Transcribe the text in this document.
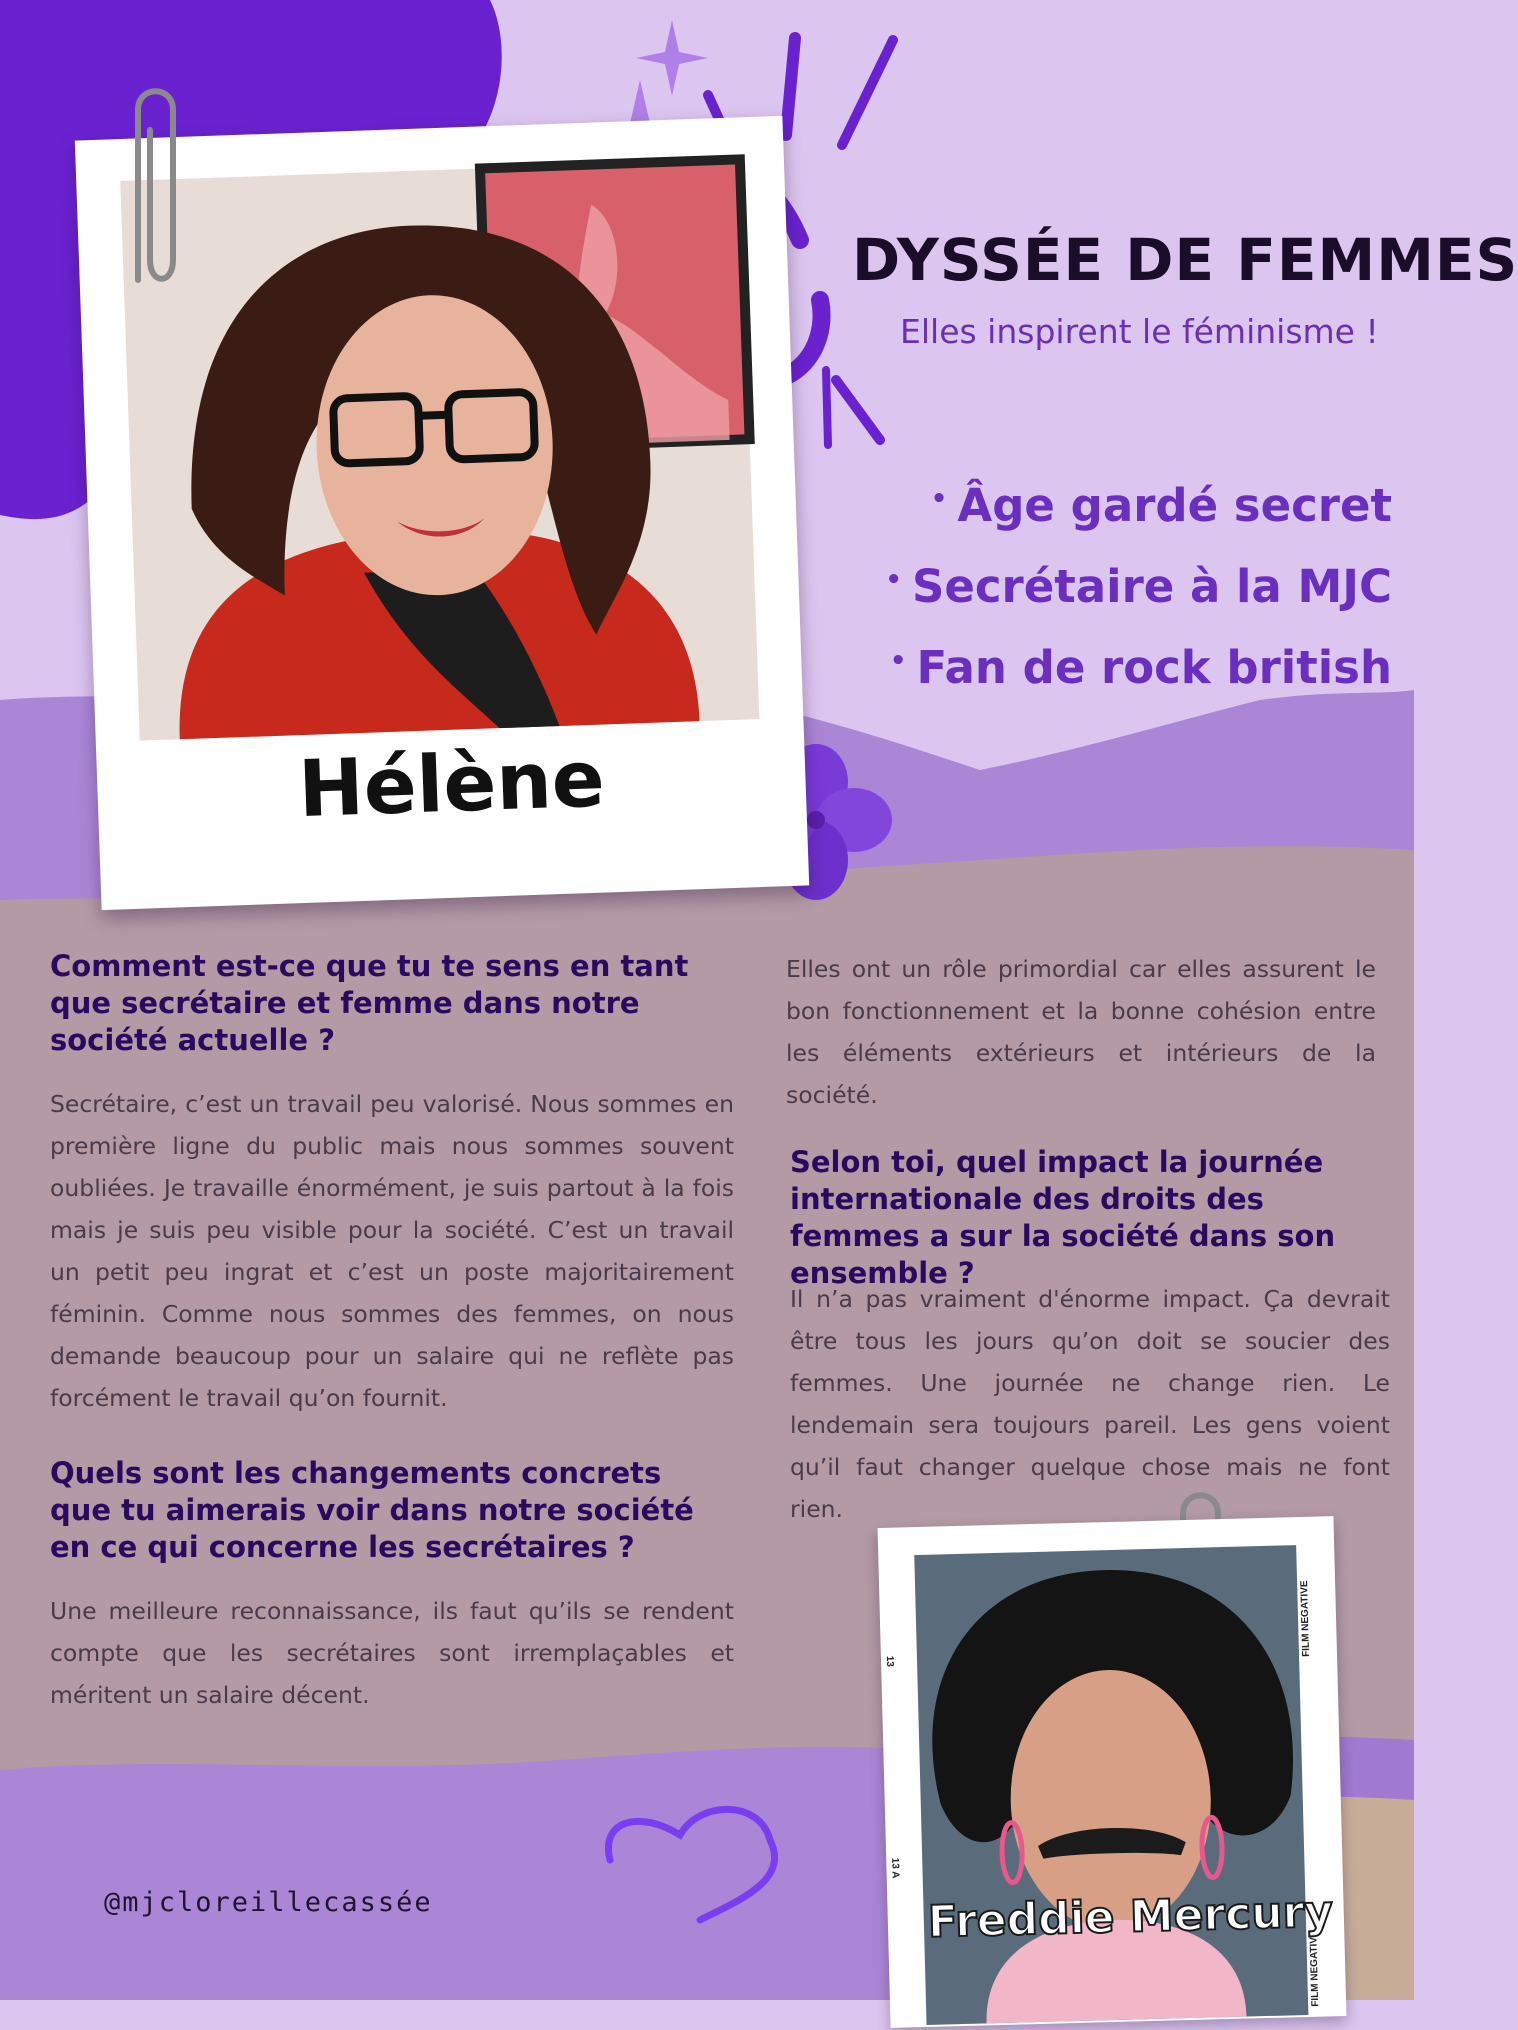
DYSSÉE DE FEMMES
Elles inspirent le féminisme !
• Âge gardé secret
• Secrétaire à la MJC
• Fan de rock british
Hélène
Comment est-ce que tu te sens en tant que secrétaire et femme dans notre société actuelle ?
Secrétaire, c’est un travail peu valorisé. Nous sommes en première ligne du public mais nous sommes souvent oubliées. Je travaille énormément, je suis partout à la fois mais je suis peu visible pour la société. C’est un travail un petit peu ingrat et c’est un poste majoritairement féminin. Comme nous sommes des femmes, on nous demande beaucoup pour un salaire qui ne reflète pas forcément le travail qu’on fournit.
Quels sont les changements concrets que tu aimerais voir dans notre société en ce qui concerne les secrétaires ?
Une meilleure reconnaissance, ils faut qu’ils se rendent compte que les secrétaires sont irremplaçables et méritent un salaire décent.
Elles ont un rôle primordial car elles assurent le bon fonctionnement et la bonne cohésion entre les éléments extérieurs et intérieurs de la société.
Selon toi, quel impact la journée internationale des droits des femmes a sur la société dans son ensemble ?
Il n’a pas vraiment d'énorme impact. Ça devrait être tous les jours qu’on doit se soucier des femmes. Une journée ne change rien. Le lendemain sera toujours pareil. Les gens voient qu’il faut changer quelque chose mais ne font rien.
FILM NEGATIVE
FILM NEGATIVE
13
13 A
Freddie Mercury
@mjcloreillecassée
